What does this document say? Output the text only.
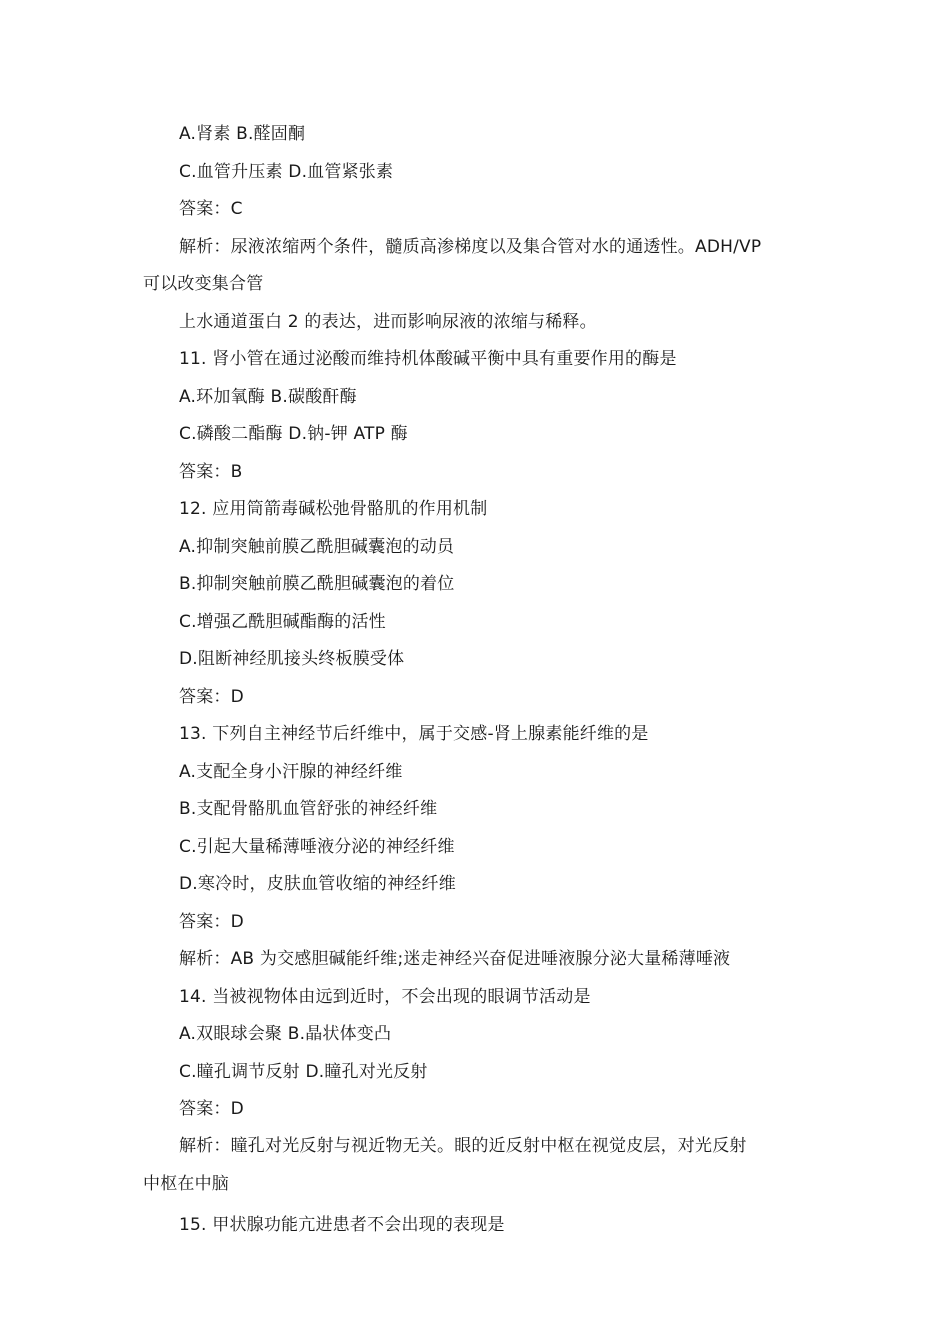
A.肾素 B.醛固酮
C.血管升压素 D.血管紧张素
答案：C
解析：尿液浓缩两个条件，髓质高渗梯度以及集合管对水的通透性。ADH/VP
可以改变集合管
上水通道蛋白 2 的表达，进而影响尿液的浓缩与稀释。
11. 肾小管在通过泌酸而维持机体酸碱平衡中具有重要作用的酶是
A.环加氧酶 B.碳酸酐酶
C.磷酸二酯酶 D.钠-钾 ATP 酶
答案：B
12. 应用筒箭毒碱松弛骨骼肌的作用机制
A.抑制突触前膜乙酰胆碱囊泡的动员
B.抑制突触前膜乙酰胆碱囊泡的着位
C.增强乙酰胆碱酯酶的活性
D.阻断神经肌接头终板膜受体
答案：D
13. 下列自主神经节后纤维中，属于交感-肾上腺素能纤维的是
A.支配全身小汗腺的神经纤维
B.支配骨骼肌血管舒张的神经纤维
C.引起大量稀薄唾液分泌的神经纤维
D.寒冷时，皮肤血管收缩的神经纤维
答案：D
解析：AB 为交感胆碱能纤维;迷走神经兴奋促进唾液腺分泌大量稀薄唾液
14. 当被视物体由远到近时，不会出现的眼调节活动是
A.双眼球会聚 B.晶状体变凸
C.瞳孔调节反射 D.瞳孔对光反射
答案：D
解析：瞳孔对光反射与视近物无关。眼的近反射中枢在视觉皮层，对光反射
中枢在中脑
15. 甲状腺功能亢进患者不会出现的表现是
